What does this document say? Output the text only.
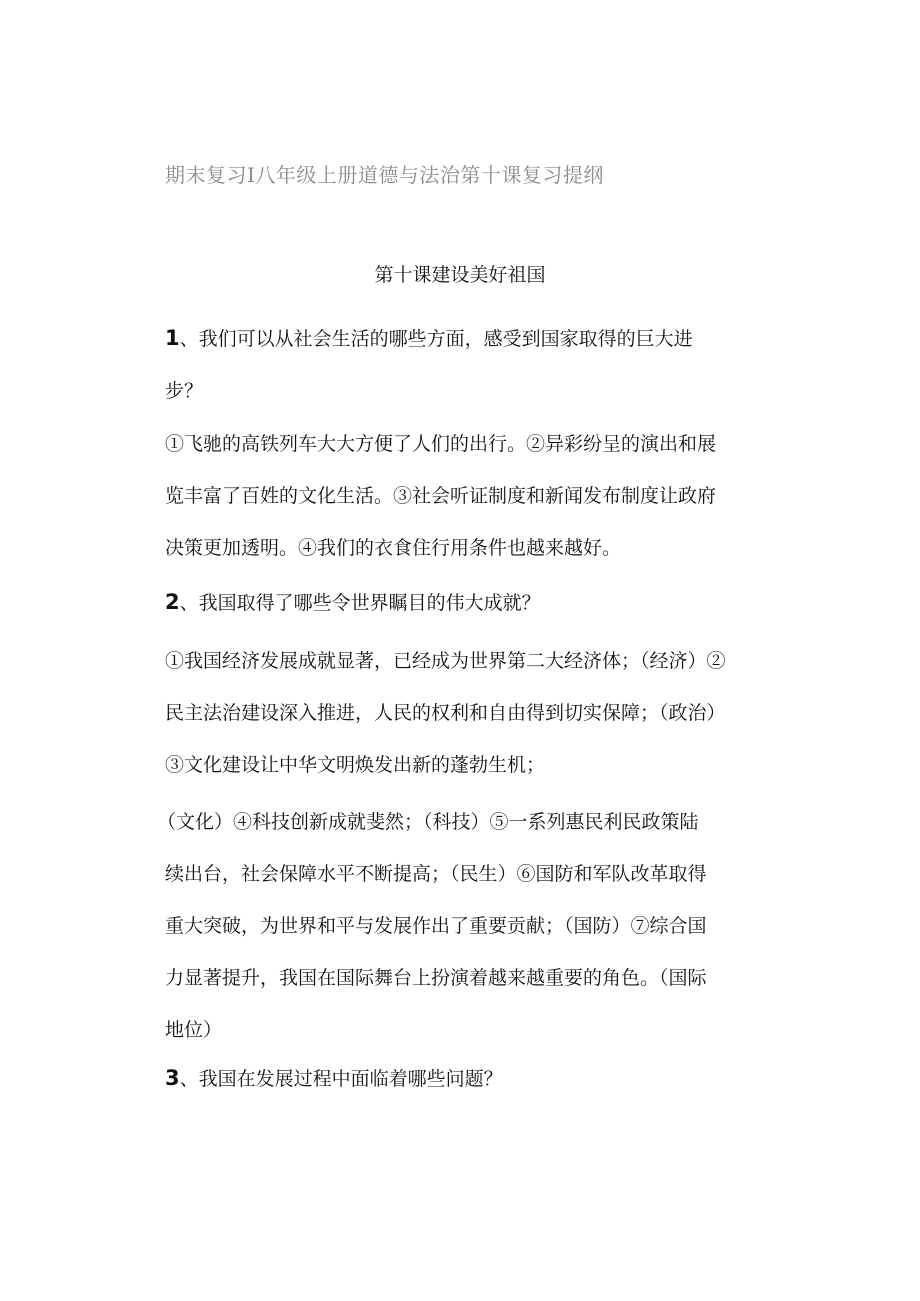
期末复习I八年级上册道德与法治第十课复习提纲
第十课建设美好祖国
1、我们可以从社会生活的哪些方面，感受到国家取得的巨大进
步？
①飞驰的高铁列车大大方便了人们的出行。②异彩纷呈的演出和展
览丰富了百姓的文化生活。③社会听证制度和新闻发布制度让政府
决策更加透明。④我们的衣食住行用条件也越来越好。
2、我国取得了哪些令世界瞩目的伟大成就？
①我国经济发展成就显著，已经成为世界第二大经济体；（经济）②
民主法治建设深入推进，人民的权利和自由得到切实保障；（政治）
③文化建设让中华文明焕发出新的蓬勃生机；
（文化）④科技创新成就斐然；（科技）⑤一系列惠民利民政策陆
续出台，社会保障水平不断提高；（民生）⑥国防和军队改革取得
重大突破，为世界和平与发展作出了重要贡献；（国防）⑦综合国
力显著提升，我国在国际舞台上扮演着越来越重要的角色。（国际
地位）
3、我国在发展过程中面临着哪些问题？
